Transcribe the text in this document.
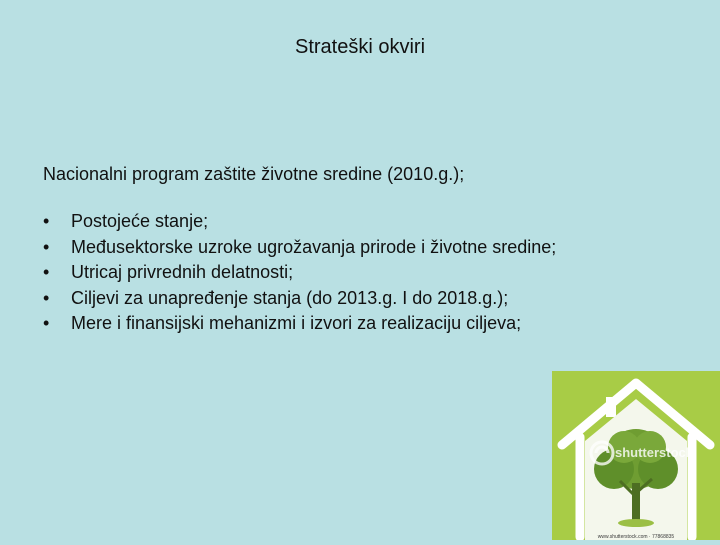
Strateški okviri
Nacionalni program zaštite životne sredine (2010.g.);
• Postojeće stanje;
• Međusektorske uzroke ugrožavanja prirode i životne sredine;
• Utricaj privrednih delatnosti;
• Ciljevi za unapređenje stanja (do 2013.g. I do 2018.g.);
• Mere i finansijski mehanizmi i izvori za realizaciju ciljeva;
shutterstock
www.shutterstock.com · 77868835
